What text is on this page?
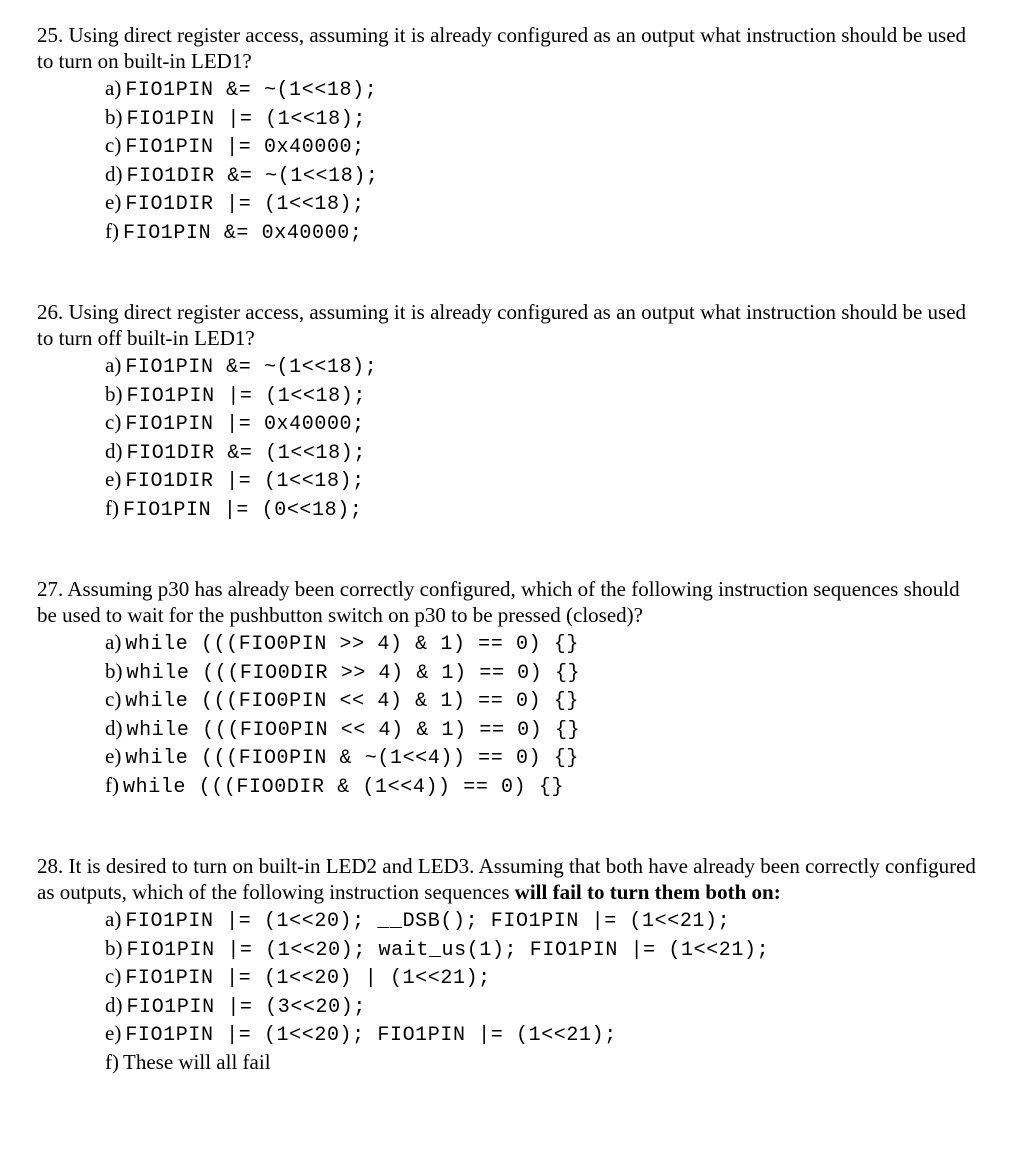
25. Using direct register access, assuming it is already configured as an output what instruction should be used to turn on built-in LED1?
a) FIO1PIN &= ~(1<<18);
b) FIO1PIN |= (1<<18);
c) FIO1PIN |= 0x40000;
d) FIO1DIR &= ~(1<<18);
e) FIO1DIR |= (1<<18);
f) FIO1PIN &= 0x40000;
26. Using direct register access, assuming it is already configured as an output what instruction should be used to turn off built-in LED1?
a) FIO1PIN &= ~(1<<18);
b) FIO1PIN |= (1<<18);
c) FIO1PIN |= 0x40000;
d) FIO1DIR &= (1<<18);
e) FIO1DIR |= (1<<18);
f) FIO1PIN |= (0<<18);
27. Assuming p30 has already been correctly configured, which of the following instruction sequences should be used to wait for the pushbutton switch on p30 to be pressed (closed)?
a) while (((FIO0PIN >> 4) & 1) == 0) {}
b) while (((FIO0DIR >> 4) & 1) == 0) {}
c) while (((FIO0PIN << 4) & 1) == 0) {}
d) while (((FIO0PIN << 4) & 1) == 0) {}
e) while (((FIO0PIN & ~(1<<4)) == 0) {}
f) while (((FIO0DIR & (1<<4)) == 0) {}
28. It is desired to turn on built-in LED2 and LED3. Assuming that both have already been correctly configured as outputs, which of the following instruction sequences will fail to turn them both on:
a) FIO1PIN |= (1<<20); __DSB(); FIO1PIN |= (1<<21);
b) FIO1PIN |= (1<<20); wait_us(1); FIO1PIN |= (1<<21);
c) FIO1PIN |= (1<<20) | (1<<21);
d) FIO1PIN |= (3<<20);
e) FIO1PIN |= (1<<20); FIO1PIN |= (1<<21);
f) These will all fail
